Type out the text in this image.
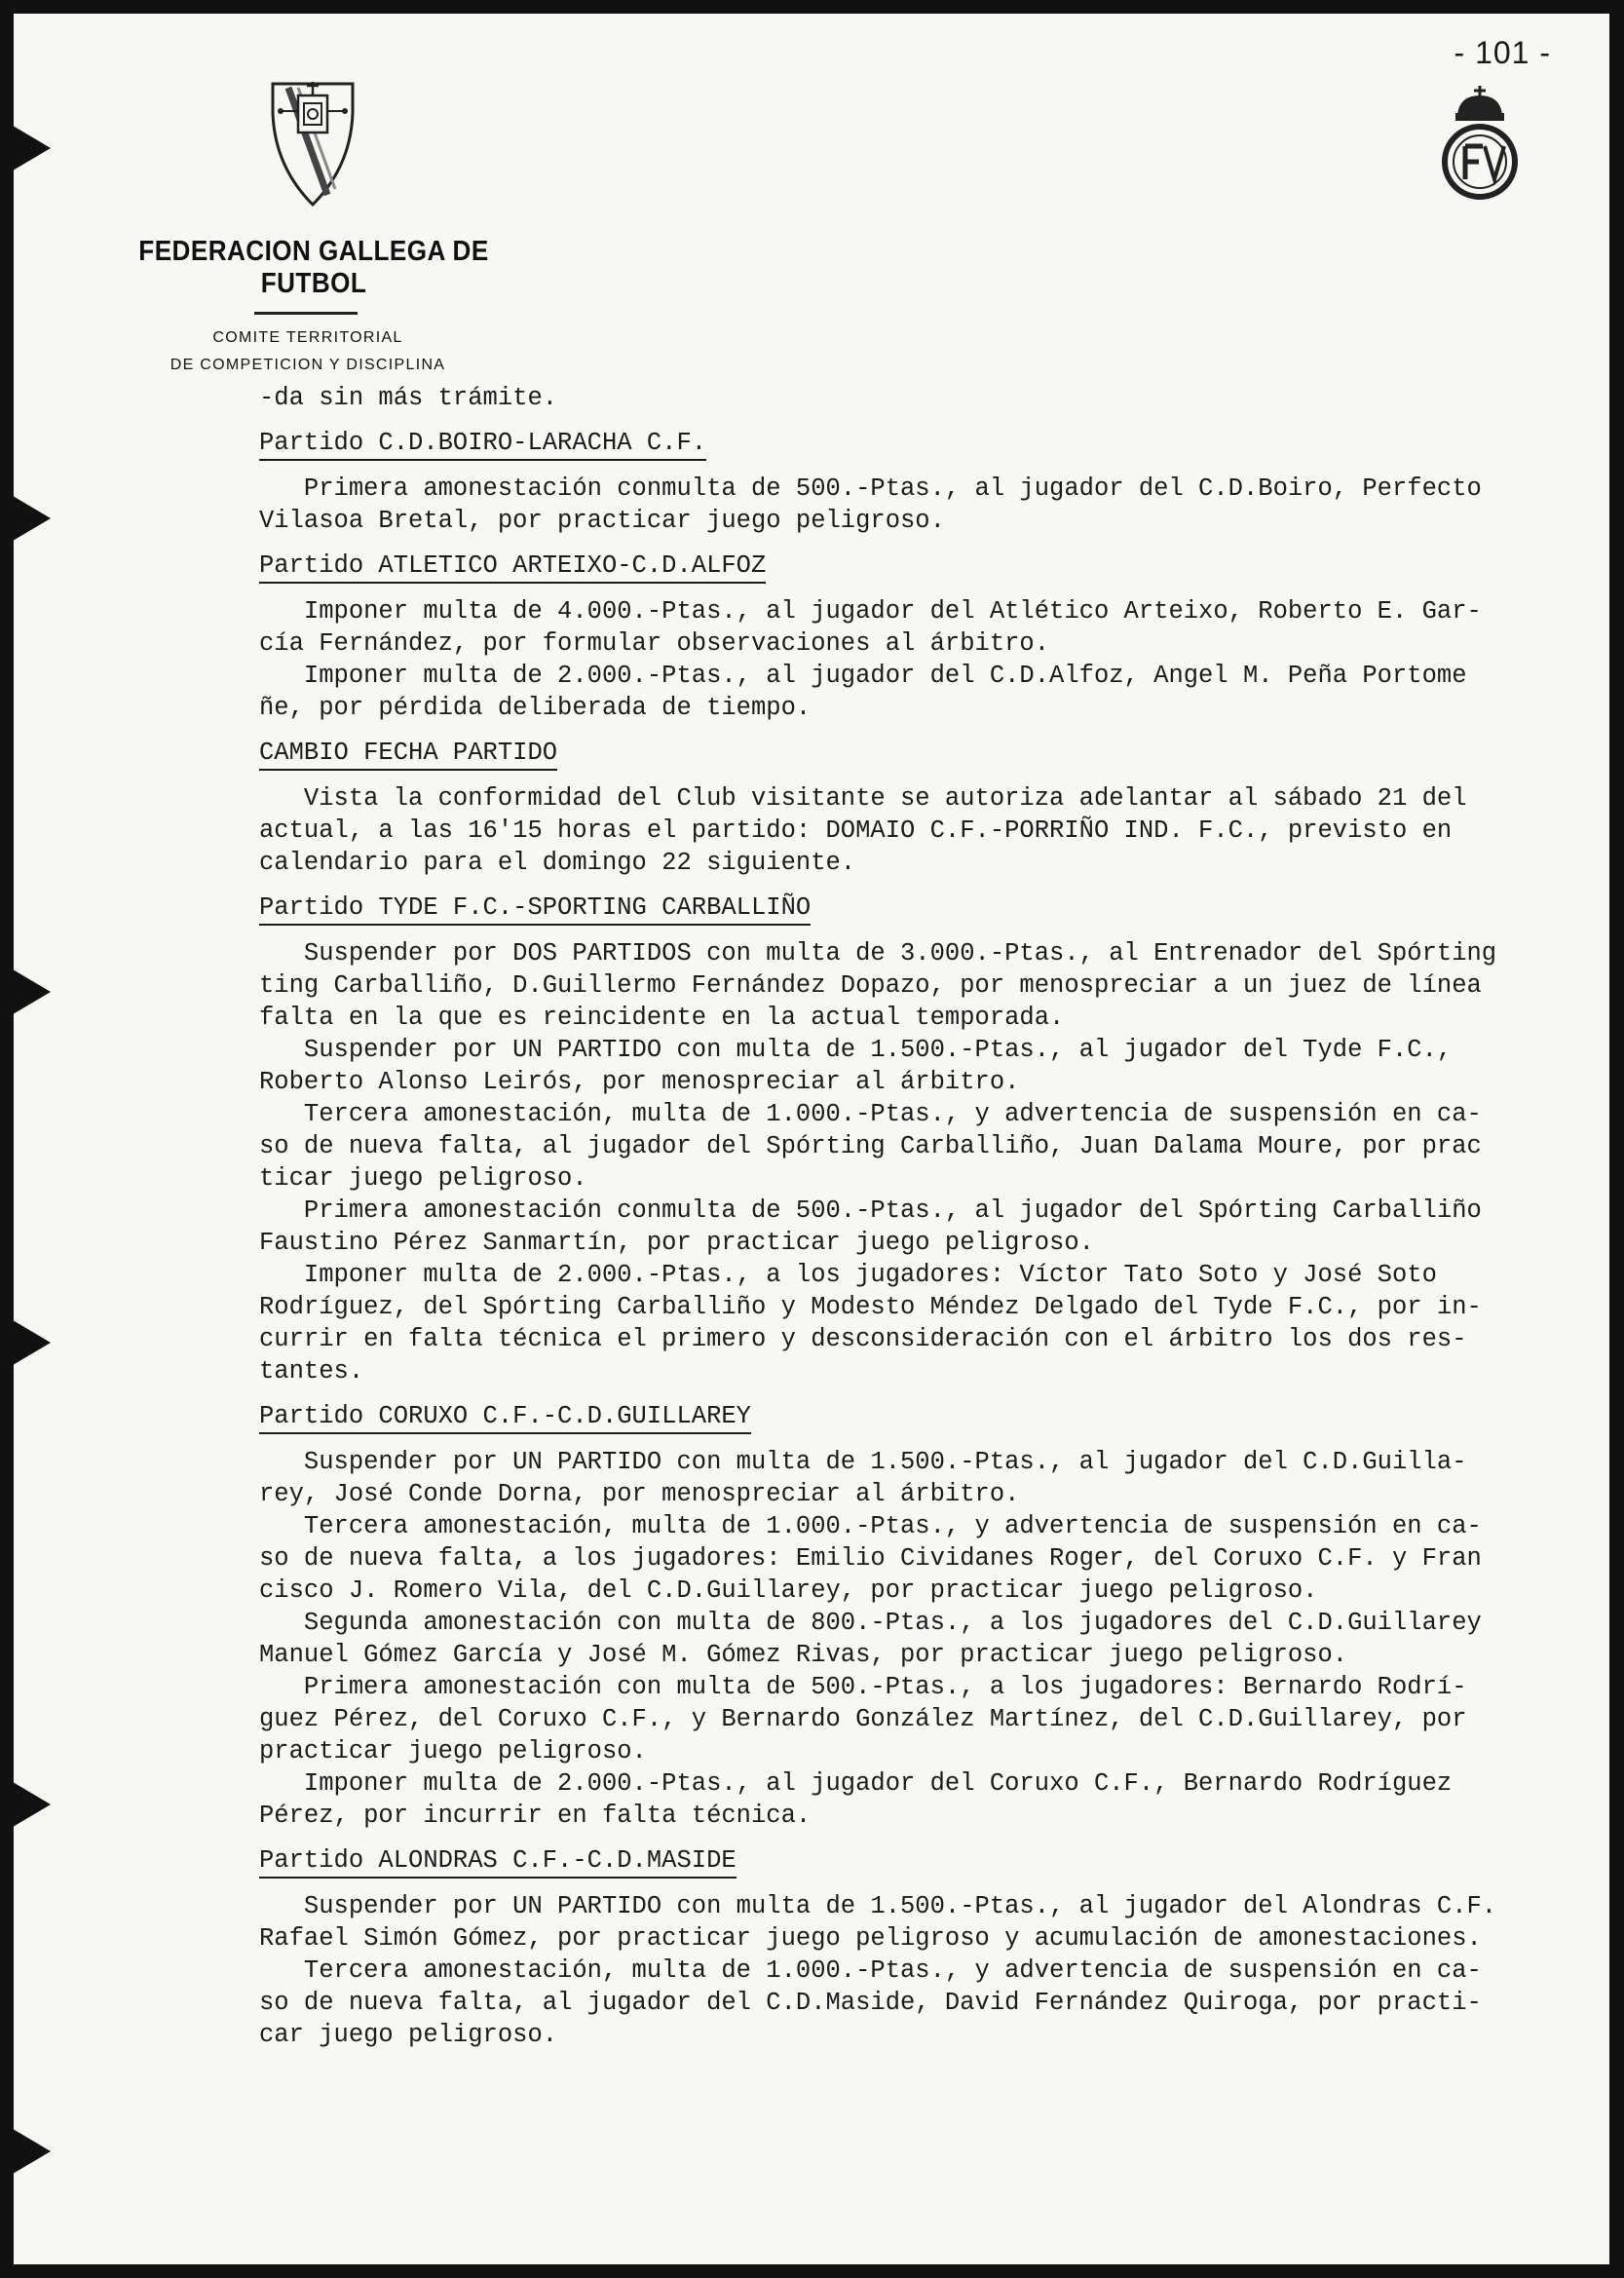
- 101 -
FEDERACION GALLEGA DE FUTBOL
COMITE TERRITORIAL
DE COMPETICION Y DISCIPLINA
-da sin más trámite.
Partido C.D.BOIRO-LARACHA C.F.
Primera amonestación conmulta de 500.-Ptas., al jugador del C.D.Boiro, Perfecto
Vilasoa Bretal, por practicar juego peligroso.
Partido ATLETICO ARTEIXO-C.D.ALFOZ
Imponer multa de 4.000.-Ptas., al jugador del Atlético Arteixo, Roberto E. Gar-
cía Fernández, por formular observaciones al árbitro.
Imponer multa de 2.000.-Ptas., al jugador del C.D.Alfoz, Angel M. Peña Portome
ñe, por pérdida deliberada de tiempo.
CAMBIO FECHA PARTIDO
Vista la conformidad del Club visitante se autoriza adelantar al sábado 21 del
actual, a las 16'15 horas el partido: DOMAIO C.F.-PORRIÑO IND. F.C., previsto en
calendario para el domingo 22 siguiente.
Partido TYDE F.C.-SPORTING CARBALLIÑO
Suspender por DOS PARTIDOS con multa de 3.000.-Ptas., al Entrenador del Spórting
ting Carballiño, D.Guillermo Fernández Dopazo, por menospreciar a un juez de línea
falta en la que es reincidente en la actual temporada.
Suspender por UN PARTIDO con multa de 1.500.-Ptas., al jugador del Tyde F.C.,
Roberto Alonso Leirós, por menospreciar al árbitro.
Tercera amonestación, multa de 1.000.-Ptas., y advertencia de suspensión en ca-
so de nueva falta, al jugador del Spórting Carballiño, Juan Dalama Moure, por prac
ticar juego peligroso.
Primera amonestación conmulta de 500.-Ptas., al jugador del Spórting Carballiño
Faustino Pérez Sanmartín, por practicar juego peligroso.
Imponer multa de 2.000.-Ptas., a los jugadores: Víctor Tato Soto y José Soto
Rodríguez, del Spórting Carballiño y Modesto Méndez Delgado del Tyde F.C., por in-
currir en falta técnica el primero y desconsideración con el árbitro los dos res-
tantes.
Partido CORUXO C.F.-C.D.GUILLAREY
Suspender por UN PARTIDO con multa de 1.500.-Ptas., al jugador del C.D.Guilla-
rey, José Conde Dorna, por menospreciar al árbitro.
Tercera amonestación, multa de 1.000.-Ptas., y advertencia de suspensión en ca-
so de nueva falta, a los jugadores: Emilio Cividanes Roger, del Coruxo C.F. y Fran
cisco J. Romero Vila, del C.D.Guillarey, por practicar juego peligroso.
Segunda amonestación con multa de 800.-Ptas., a los jugadores del C.D.Guillarey
Manuel Gómez García y José M. Gómez Rivas, por practicar juego peligroso.
Primera amonestación con multa de 500.-Ptas., a los jugadores: Bernardo Rodrí-
guez Pérez, del Coruxo C.F., y Bernardo González Martínez, del C.D.Guillarey, por
practicar juego peligroso.
Imponer multa de 2.000.-Ptas., al jugador del Coruxo C.F., Bernardo Rodríguez
Pérez, por incurrir en falta técnica.
Partido ALONDRAS C.F.-C.D.MASIDE
Suspender por UN PARTIDO con multa de 1.500.-Ptas., al jugador del Alondras C.F.
Rafael Simón Gómez, por practicar juego peligroso y acumulación de amonestaciones.
Tercera amonestación, multa de 1.000.-Ptas., y advertencia de suspensión en ca-
so de nueva falta, al jugador del C.D.Maside, David Fernández Quiroga, por practi-
car juego peligroso.
